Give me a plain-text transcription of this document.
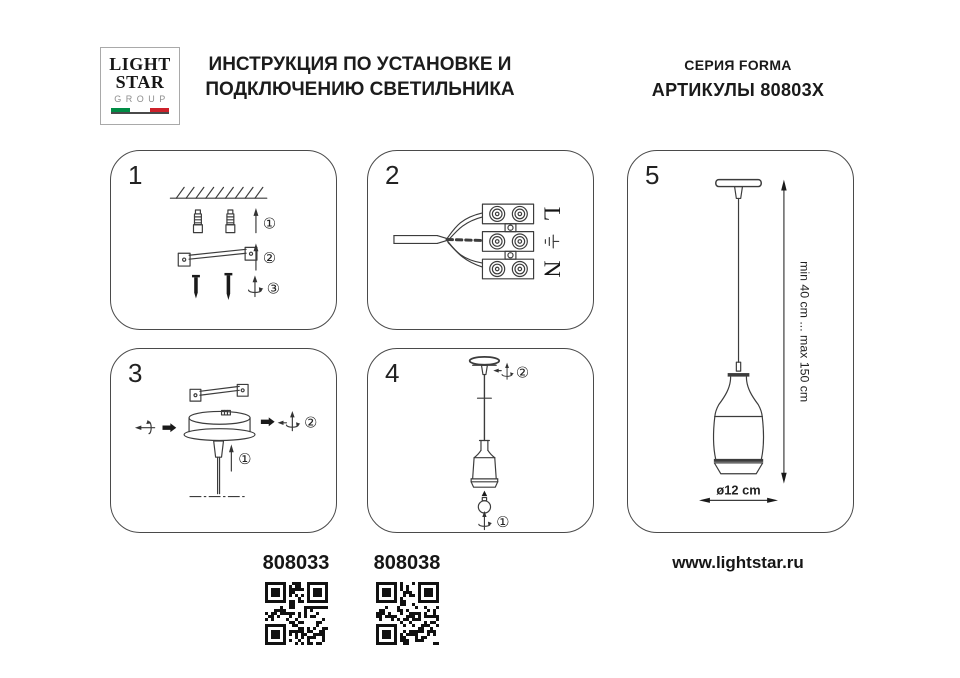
LIGHT
STAR
GROUP
ИНСТРУКЦИЯ ПО УСТАНОВКЕ И
ПОДКЛЮЧЕНИЮ СВЕТИЛЬНИКА
СЕРИЯ FORMA
АРТИКУЛЫ 80803X
1
①
②
③
2
L
N
3
②
①
4	②
①
5
min 40 cm ... max 150 cm
ø12 cm
808033	808038	www.lightstar.ru
